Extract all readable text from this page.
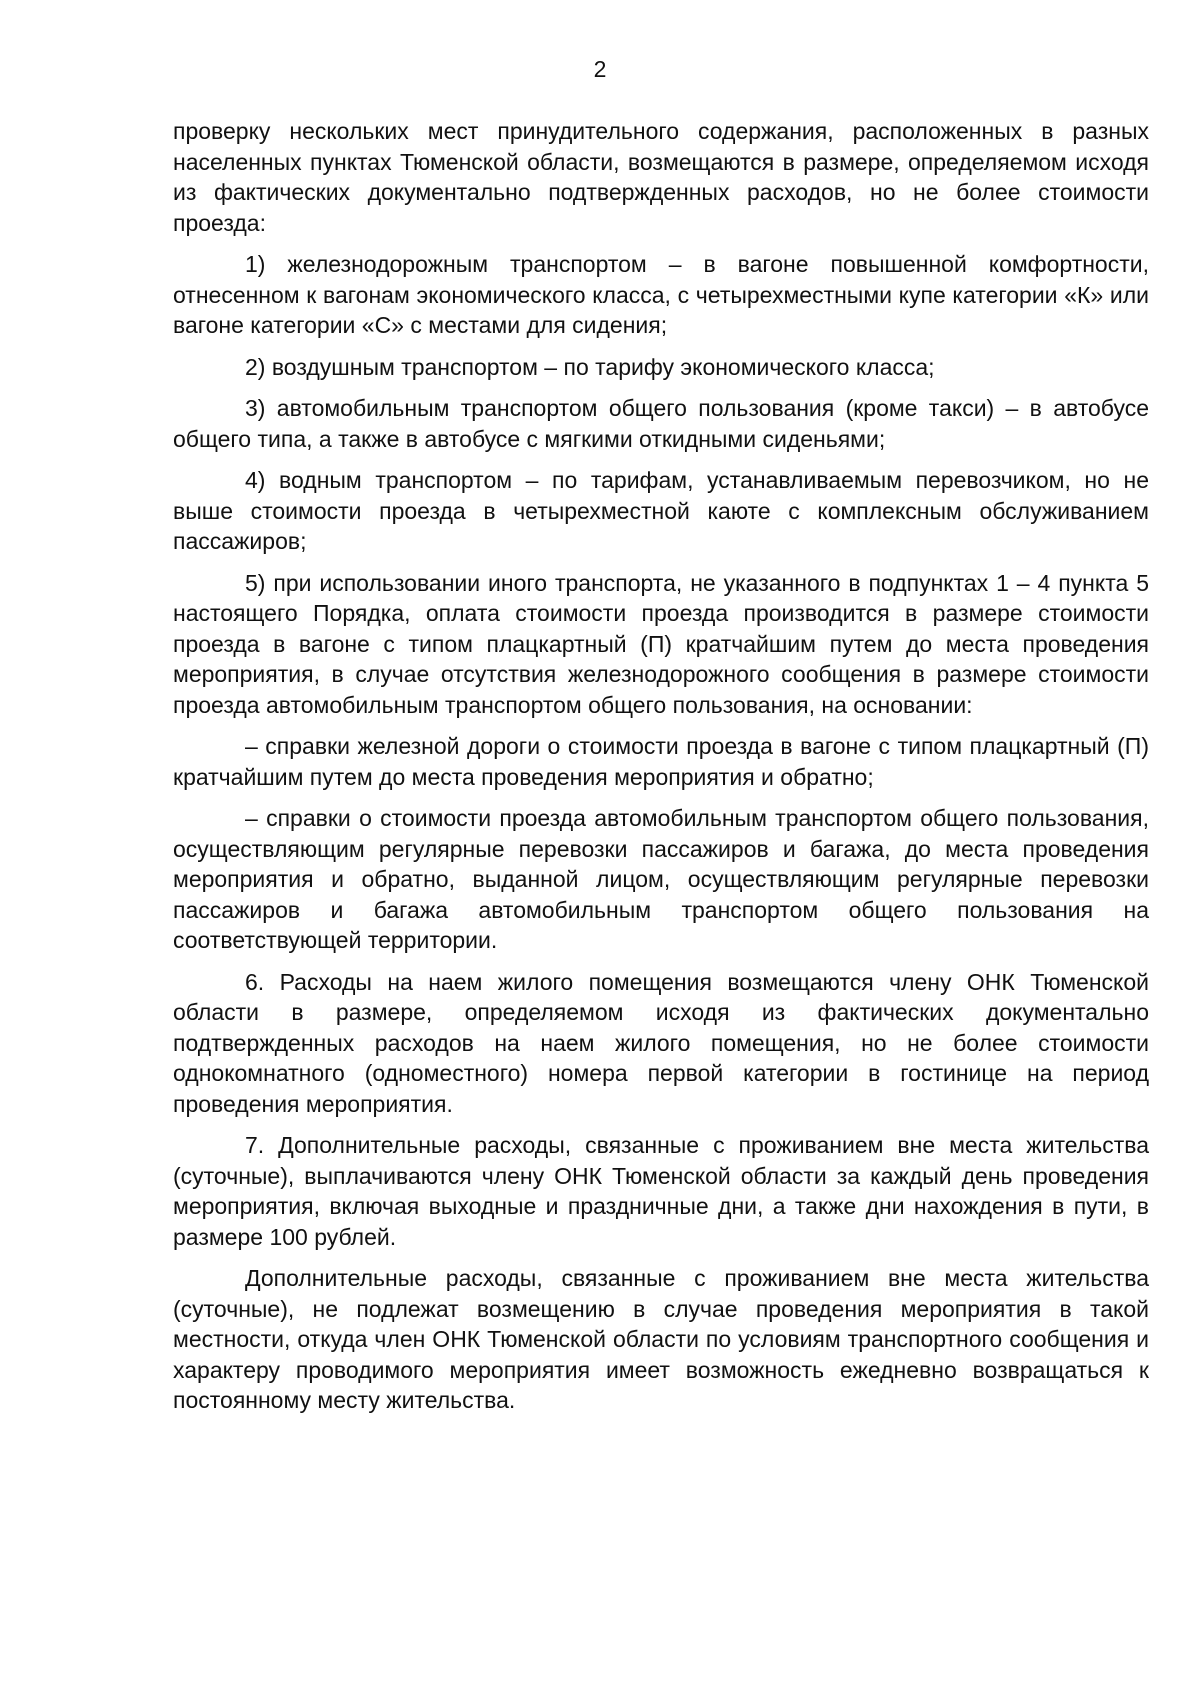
2

проверку нескольких мест принудительного содержания, расположенных в разных населенных пунктах Тюменской области, возмещаются в размере, определяемом исходя из фактических документально подтвержденных расходов, но не более стоимости проезда:

1) железнодорожным транспортом – в вагоне повышенной комфортности, отнесенном к вагонам экономического класса, с четырехместными купе категории «К» или вагоне категории «С» с местами для сидения;

2) воздушным транспортом – по тарифу экономического класса;

3) автомобильным транспортом общего пользования (кроме такси) – в автобусе общего типа, а также в автобусе с мягкими откидными сиденьями;

4) водным транспортом – по тарифам, устанавливаемым перевозчиком, но не выше стоимости проезда в четырехместной каюте с комплексным обслуживанием пассажиров;

5) при использовании иного транспорта, не указанного в подпунктах 1 – 4 пункта 5 настоящего Порядка, оплата стоимости проезда производится в размере стоимости проезда в вагоне с типом плацкартный (П) кратчайшим путем до места проведения мероприятия, в случае отсутствия железнодорожного сообщения в размере стоимости проезда автомобильным транспортом общего пользования, на основании:

– справки железной дороги о стоимости проезда в вагоне с типом плацкартный (П) кратчайшим путем до места проведения мероприятия и обратно;

– справки о стоимости проезда автомобильным транспортом общего пользования, осуществляющим регулярные перевозки пассажиров и багажа, до места проведения мероприятия и обратно, выданной лицом, осуществляющим регулярные перевозки пассажиров и багажа автомобильным транспортом общего пользования на соответствующей территории.

6. Расходы на наем жилого помещения возмещаются члену ОНК Тюменской области в размере, определяемом исходя из фактических документально подтвержденных расходов на наем жилого помещения, но не более стоимости однокомнатного (одноместного) номера первой категории в гостинице на период проведения мероприятия.

7. Дополнительные расходы, связанные с проживанием вне места жительства (суточные), выплачиваются члену ОНК Тюменской области за каждый день проведения мероприятия, включая выходные и праздничные дни, а также дни нахождения в пути, в размере 100 рублей.

Дополнительные расходы, связанные с проживанием вне места жительства (суточные), не подлежат возмещению в случае проведения мероприятия в такой местности, откуда член ОНК Тюменской области по условиям транспортного сообщения и характеру проводимого мероприятия имеет возможность ежедневно возвращаться к постоянному месту жительства.
